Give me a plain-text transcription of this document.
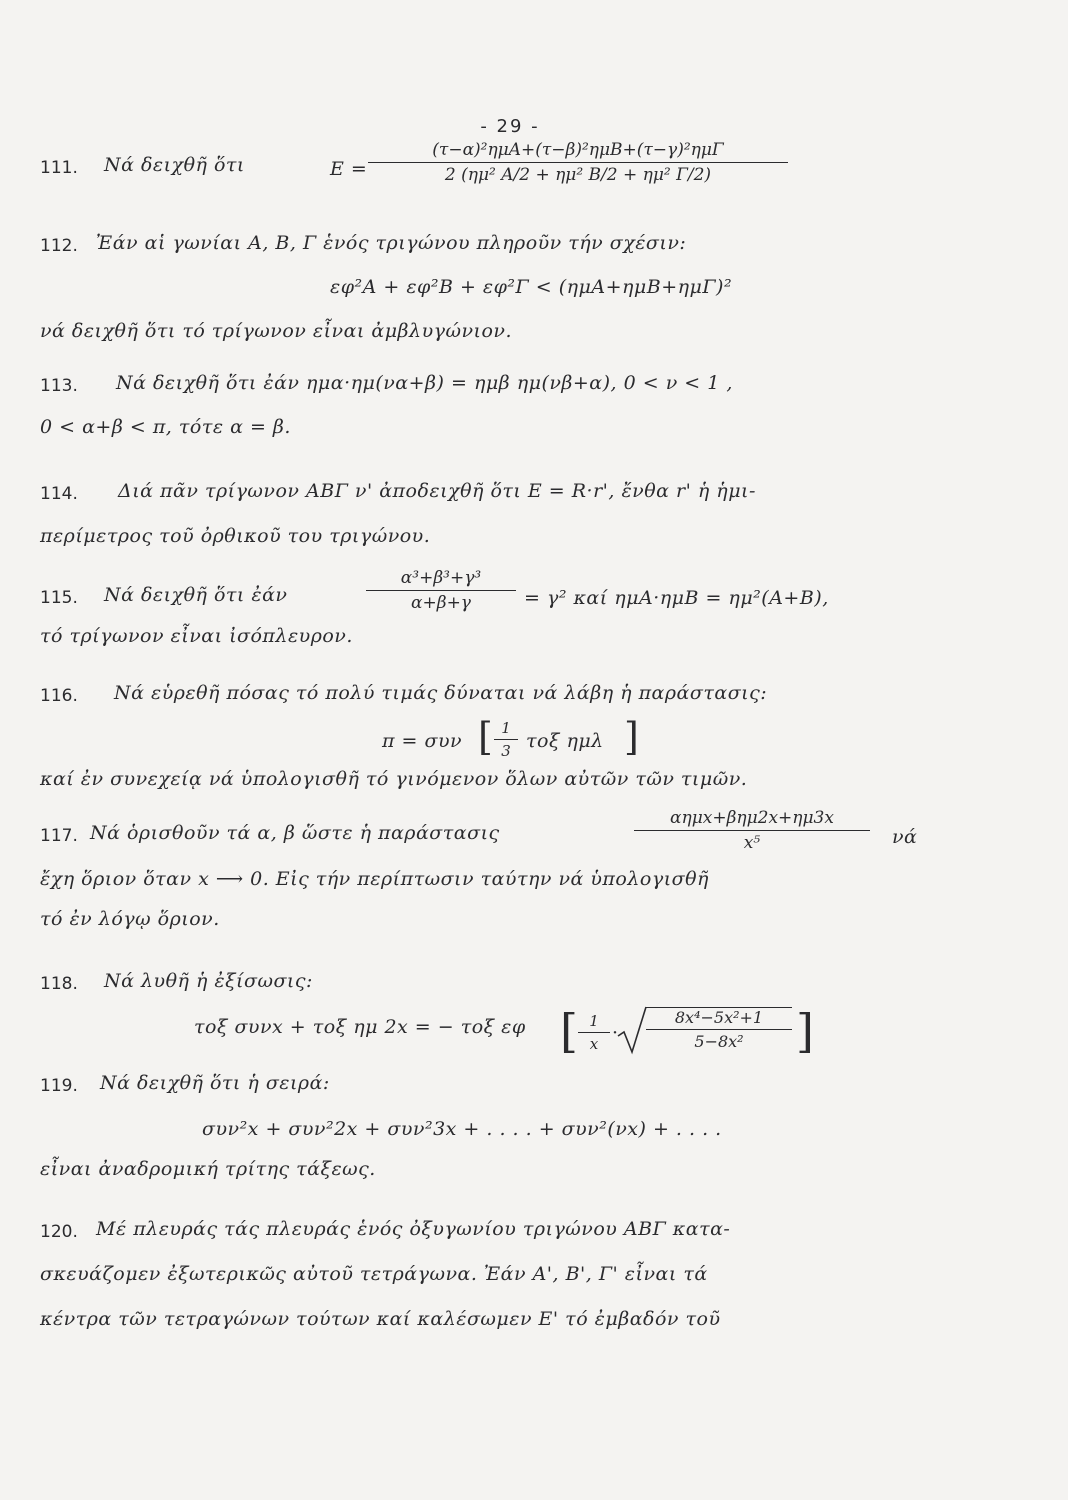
- 29 -
111. Νά δειχθῆ ὅτι	E =
(τ−α)²ημA+(τ−β)²ημB+(τ−γ)²ημΓ
2 (ημ² A/2 + ημ² B/2 + ημ² Γ/2)
112. Ἐάν αἱ γωνίαι A, B, Γ ἑνός τριγώνου πληροῦν τήν σχέσιν:
εφ²A + εφ²B + εφ²Γ < (ημA+ημB+ημΓ)²
νά δειχθῆ ὅτι τό τρίγωνον εἶναι ἀμβλυγώνιον.
113. Νά δειχθῆ ὅτι ἐάν ημα·ημ(να+β) = ημβ ημ(νβ+α), 0 < ν < 1 ,
0 < α+β < π, τότε α = β.
114. Διά πᾶν τρίγωνον ΑΒΓ ν' ἀποδειχθῆ ὅτι E = R·r', ἔνθα r' ἡ ἡμι-
περίμετρος τοῦ ὀρθικοῦ του τριγώνου.
115. Νά δειχθῆ ὅτι ἐάν
α³+β³+γ³
α+β+γ	= γ² καί ημA·ημB = ημ²(A+B),
τό τρίγωνον εἶναι ἰσόπλευρον.
116. Νά εὑρεθῆ πόσας τό πολύ τιμάς δύναται νά λάβη ἡ παράστασις:
π = συν [ 1
3 τοξ ημλ ]
καί ἐν συνεχείᾳ νά ὑπολογισθῆ τό γινόμενον ὅλων αὐτῶν τῶν τιμῶν.
117. Νά ὁρισθοῦν τά α, β ὥστε ἡ παράστασις
αημx+βημ2x+ημ3x
x⁵	νά
ἔχη ὅριον ὅταν x ⟶ 0. Εἰς τήν περίπτωσιν ταύτην νά ὑπολογισθῆ
τό ἐν λόγῳ ὅριον.
118. Νά λυθῆ ἡ ἐξίσωσις:
τοξ συνx + τοξ ημ 2x = − τοξ εφ [ 1
x ·
8x⁴−5x²+1
5−8x²	]
119. Νά δειχθῆ ὅτι ἡ σειρά:
συν²x + συν²2x + συν²3x + . . . . + συν²(νx) + . . . .
εἶναι ἀναδρομική τρίτης τάξεως.
120. Μέ πλευράς τάς πλευράς ἑνός ὀξυγωνίου τριγώνου ΑΒΓ κατα-
σκευάζομεν ἐξωτερικῶς αὐτοῦ τετράγωνα. Ἐάν A', B', Γ' εἶναι τά
κέντρα τῶν τετραγώνων τούτων καί καλέσωμεν E' τό ἐμβαδόν τοῦ
